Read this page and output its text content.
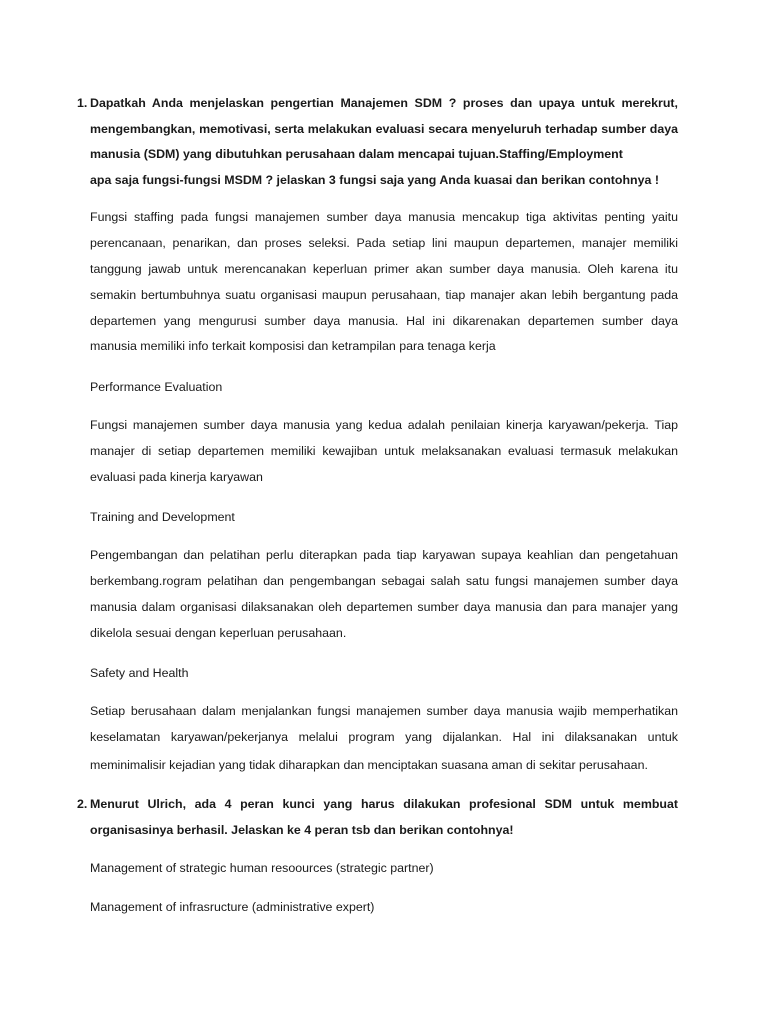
1. Dapatkah Anda menjelaskan pengertian Manajemen SDM ? proses dan upaya untuk merekrut,
mengembangkan, memotivasi, serta melakukan evaluasi secara menyeluruh terhadap sumber daya
manusia (SDM) yang dibutuhkan perusahaan dalam mencapai tujuan.Staffing/Employment
apa saja fungsi-fungsi MSDM ? jelaskan 3 fungsi saja yang Anda kuasai dan berikan contohnya !
Fungsi staffing pada fungsi manajemen sumber daya manusia mencakup tiga aktivitas penting yaitu
perencanaan, penarikan, dan proses seleksi. Pada setiap lini maupun departemen, manajer memiliki
tanggung jawab untuk merencanakan keperluan primer akan sumber daya manusia. Oleh karena itu
semakin bertumbuhnya suatu organisasi maupun perusahaan, tiap manajer akan lebih bergantung pada
departemen yang mengurusi sumber daya manusia. Hal ini dikarenakan departemen sumber daya
manusia memiliki info terkait komposisi dan ketrampilan para tenaga kerja
Performance Evaluation
Fungsi manajemen sumber daya manusia yang kedua adalah penilaian kinerja karyawan/pekerja. Tiap
manajer di setiap departemen memiliki kewajiban untuk melaksanakan evaluasi termasuk melakukan
evaluasi pada kinerja karyawan
Training and Development
Pengembangan dan pelatihan perlu diterapkan pada tiap karyawan supaya keahlian dan pengetahuan
berkembang.rogram pelatihan dan pengembangan sebagai salah satu fungsi manajemen sumber daya
manusia dalam organisasi dilaksanakan oleh departemen sumber daya manusia dan para manajer yang
dikelola sesuai dengan keperluan perusahaan.
Safety and Health
Setiap berusahaan dalam menjalankan fungsi manajemen sumber daya manusia wajib memperhatikan
keselamatan karyawan/pekerjanya melalui program yang dijalankan. Hal ini dilaksanakan untuk
meminimalisir kejadian yang tidak diharapkan dan menciptakan suasana aman di sekitar perusahaan.
2. Menurut Ulrich, ada 4 peran kunci yang harus dilakukan profesional SDM untuk membuat
organisasinya berhasil. Jelaskan ke 4 peran tsb dan berikan contohnya!
Management of strategic human resoources (strategic partner)
Management of infrasructure (administrative expert)
